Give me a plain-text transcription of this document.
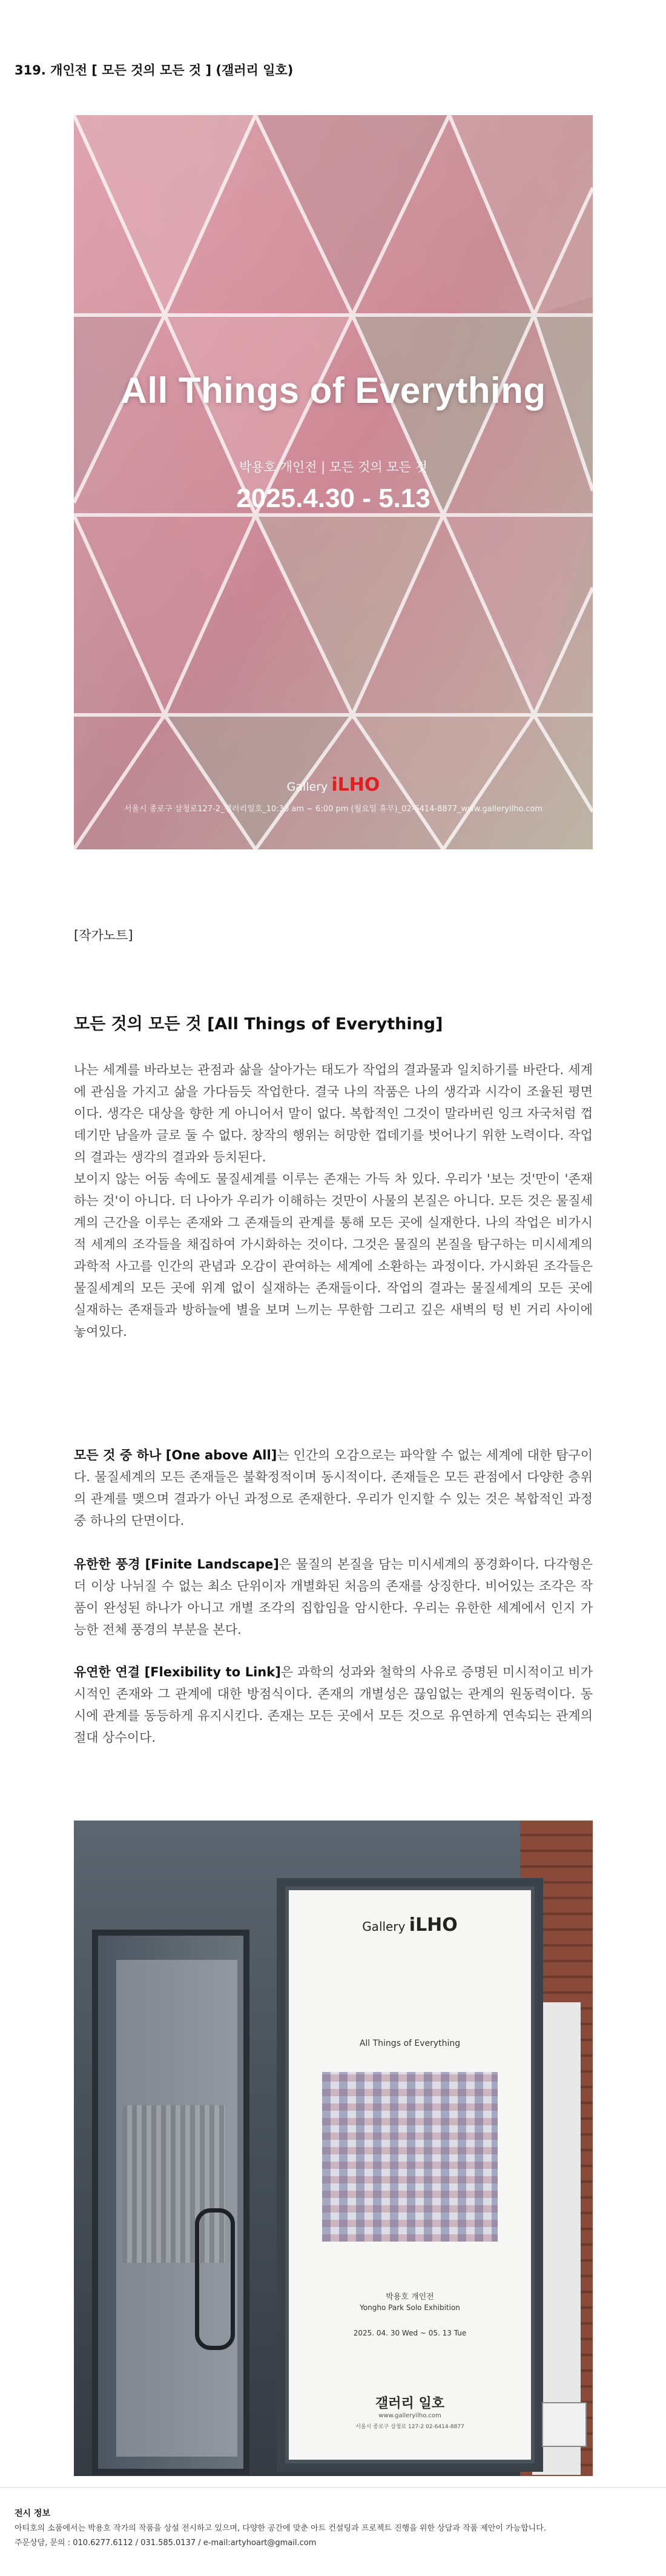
319. 개인전 [ 모든 것의 모든 것 ] (갤러리 일호)
All Things of Everything
박용호 개인전 | 모든 것의 모든 것
2025.4.30 - 5.13
Gallery iLHO
서울시 종로구 삼청로127-2_갤러리일호_10:30 am ~ 6:00 pm (월요일 휴무)_02-6414-8877_www.galleryilho.com
[작가노트]
모든 것의 모든 것 [All Things of Everything]

나는 세계를 바라보는 관점과 삶을 살아가는 태도가 작업의 결과물과 일치하기를 바란다. 세계에 관심을 가지고 삶을 가다듬듯 작업한다. 결국 나의 작품은 나의 생각과 시각이 조율된 평면이다. 생각은 대상을 향한 게 아니어서 말이 없다. 복합적인 그것이 말라버린 잉크 자국처럼 껍데기만 남을까 글로 둘 수 없다. 창작의 행위는 허망한 껍데기를 벗어나기 위한 노력이다. 작업의 결과는 생각의 결과와 등치된다.

보이지 않는 어둠 속에도 물질세계를 이루는 존재는 가득 차 있다. 우리가 '보는 것'만이 '존재하는 것'이 아니다. 더 나아가 우리가 이해하는 것만이 사물의 본질은 아니다. 모든 것은 물질세계의 근간을 이루는 존재와 그 존재들의 관계를 통해 모든 곳에 실재한다. 나의 작업은 비가시적 세계의 조각들을 채집하여 가시화하는 것이다. 그것은 물질의 본질을 탐구하는 미시세계의 과학적 사고를 인간의 관념과 오감이 관여하는 세계에 소환하는 과정이다. 가시화된 조각들은 물질세계의 모든 곳에 위계 없이 실재하는 존재들이다. 작업의 결과는 물질세계의 모든 곳에 실재하는 존재들과 방하늘에 별을 보며 느끼는 무한함 그리고 깊은 새벽의 텅 빈 거리 사이에 놓여있다.

모든 것 중 하나 [One above All]는 인간의 오감으로는 파악할 수 없는 세계에 대한 탐구이다. 물질세계의 모든 존재들은 불확정적이며 동시적이다. 존재들은 모든 관점에서 다양한 층위의 관계를 맺으며 결과가 아닌 과정으로 존재한다. 우리가 인지할 수 있는 것은 복합적인 과정 중 하나의 단면이다.

유한한 풍경 [Finite Landscape]은 물질의 본질을 담는 미시세계의 풍경화이다. 다각형은 더 이상 나뉘질 수 없는 최소 단위이자 개별화된 처음의 존재를 상징한다. 비어있는 조각은 작품이 완성된 하나가 아니고 개별 조각의 집합임을 암시한다. 우리는 유한한 세계에서 인지 가능한 전체 풍경의 부분을 본다.

유연한 연결 [Flexibility to Link]은 과학의 성과와 철학의 사유로 증명된 미시적이고 비가시적인 존재와 그 관계에 대한 방점식이다. 존재의 개별성은 끊임없는 관계의 원동력이다. 동시에 관계를 동등하게 유지시킨다. 존재는 모든 곳에서 모든 것으로 유연하게 연속되는 관계의 절대 상수이다.

Gallery iLHO
All Things of Everything
박용호 개인전
Yongho Park Solo Exhibition
2025. 04. 30 Wed ~ 05. 13 Tue
갤러리 일호
www.galleryilho.com
서울시 종로구 삼청로 127-2 02-6414-8877
전시 정보
아티호의 소품에서는 박용호 작가의 작품을 상설 전시하고 있으며, 다양한 공간에 맞춘 아트 컨설팅과 프로젝트 진행을 위한 상담과 작품 제안이 가능합니다.
주문상담, 문의 : 010.6277.6112 / 031.585.0137 / e-mail:artyhoart@gmail.com
